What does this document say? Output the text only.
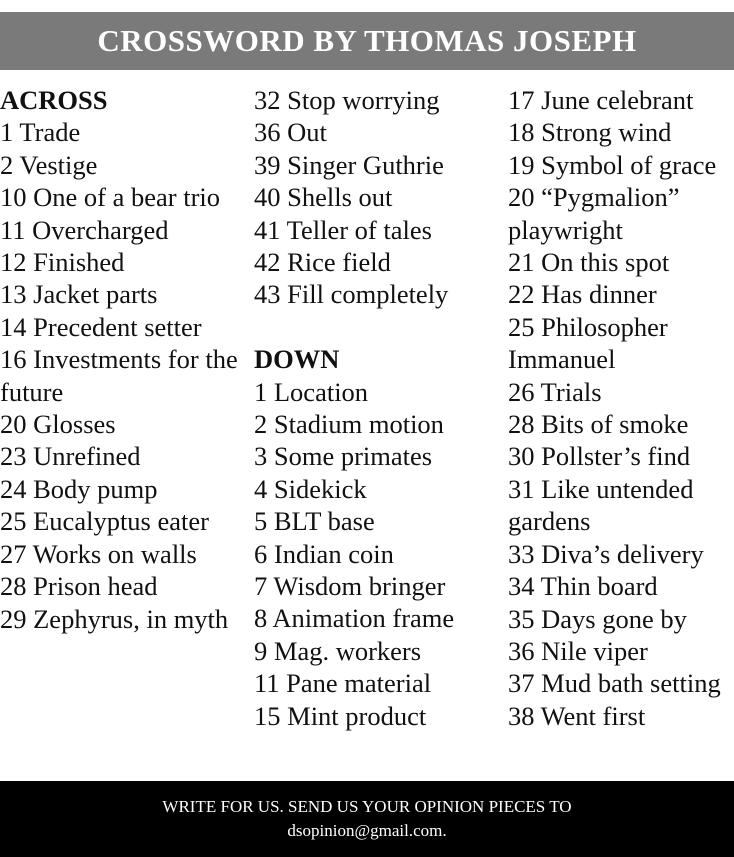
CROSSWORD BY THOMAS JOSEPH
ACROSS
1 Trade
2 Vestige
10 One of a bear trio
11 Overcharged
12 Finished
13 Jacket parts
14 Precedent setter
16 Investments for the future
20 Glosses
23 Unrefined
24 Body pump
25 Eucalyptus eater
27 Works on walls
28 Prison head
29 Zephyrus, in myth
32 Stop worrying
36 Out
39 Singer Guthrie
40 Shells out
41 Teller of tales
42 Rice field
43 Fill completely
DOWN
1 Location
2 Stadium motion
3 Some primates
4 Sidekick
5 BLT base
6 Indian coin
7 Wisdom bringer
8 Animation frame
9 Mag. workers
11 Pane material
15 Mint product
17 June celebrant
18 Strong wind
19 Symbol of grace
20 “Pygmalion” playwright
21 On this spot
22 Has dinner
25 Philosopher Immanuel
26 Trials
28 Bits of smoke
30 Pollster’s find
31 Like untended gardens
33 Diva’s delivery
34 Thin board
35 Days gone by
36 Nile viper
37 Mud bath setting
38 Went first
WRITE FOR US. SEND US YOUR OPINION PIECES TO
dsopinion@gmail.com.
